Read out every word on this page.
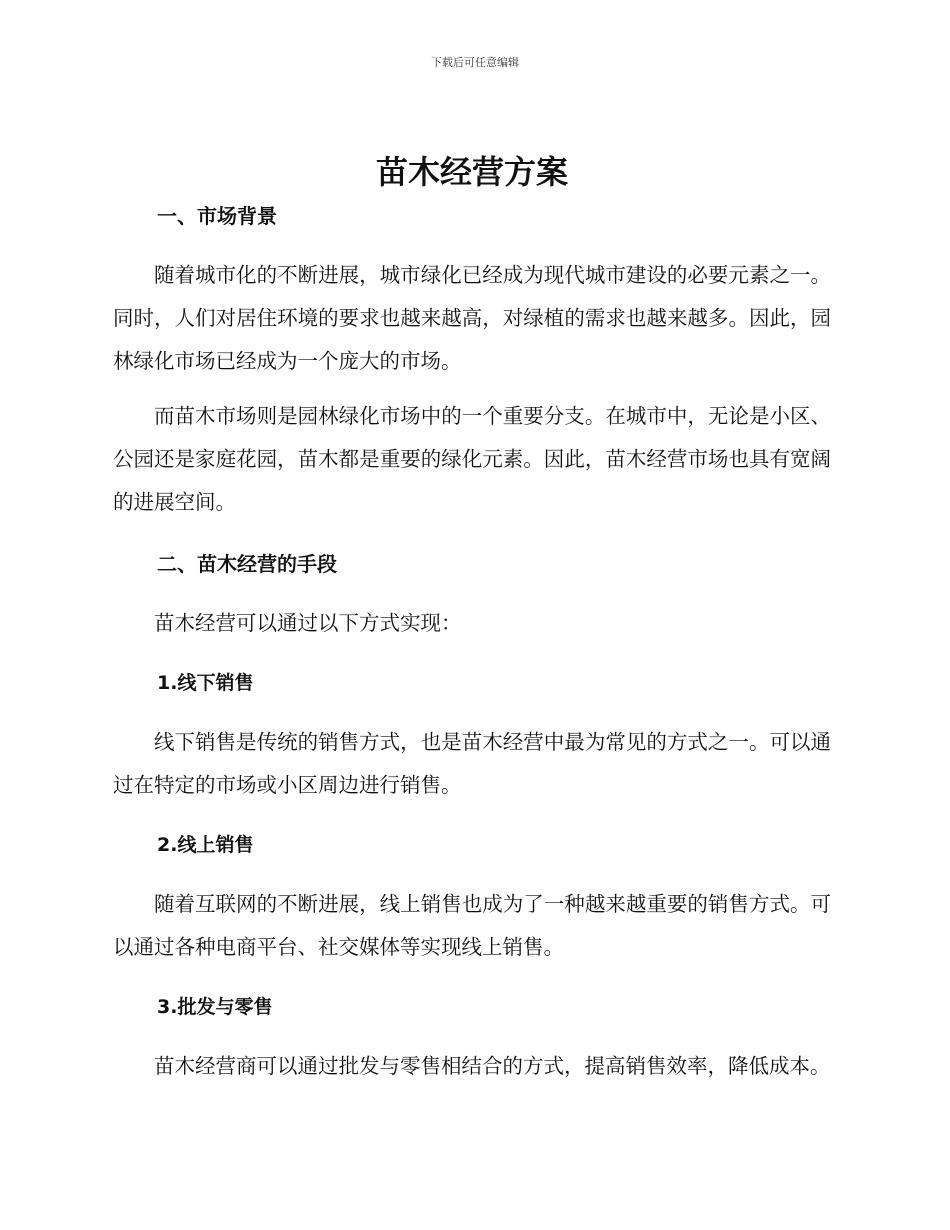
下载后可任意编辑
苗木经营方案
一、市场背景

随着城市化的不断进展，城市绿化已经成为现代城市建设的必要元素之一。同时，人们对居住环境的要求也越来越高，对绿植的需求也越来越多。因此，园林绿化市场已经成为一个庞大的市场。

而苗木市场则是园林绿化市场中的一个重要分支。在城市中，无论是小区、公园还是家庭花园，苗木都是重要的绿化元素。因此，苗木经营市场也具有宽阔的进展空间。

二、苗木经营的手段

苗木经营可以通过以下方式实现：

1.线下销售

线下销售是传统的销售方式，也是苗木经营中最为常见的方式之一。可以通过在特定的市场或小区周边进行销售。

2.线上销售

随着互联网的不断进展，线上销售也成为了一种越来越重要的销售方式。可以通过各种电商平台、社交媒体等实现线上销售。

3.批发与零售

苗木经营商可以通过批发与零售相结合的方式，提高销售效率，降低成本。
